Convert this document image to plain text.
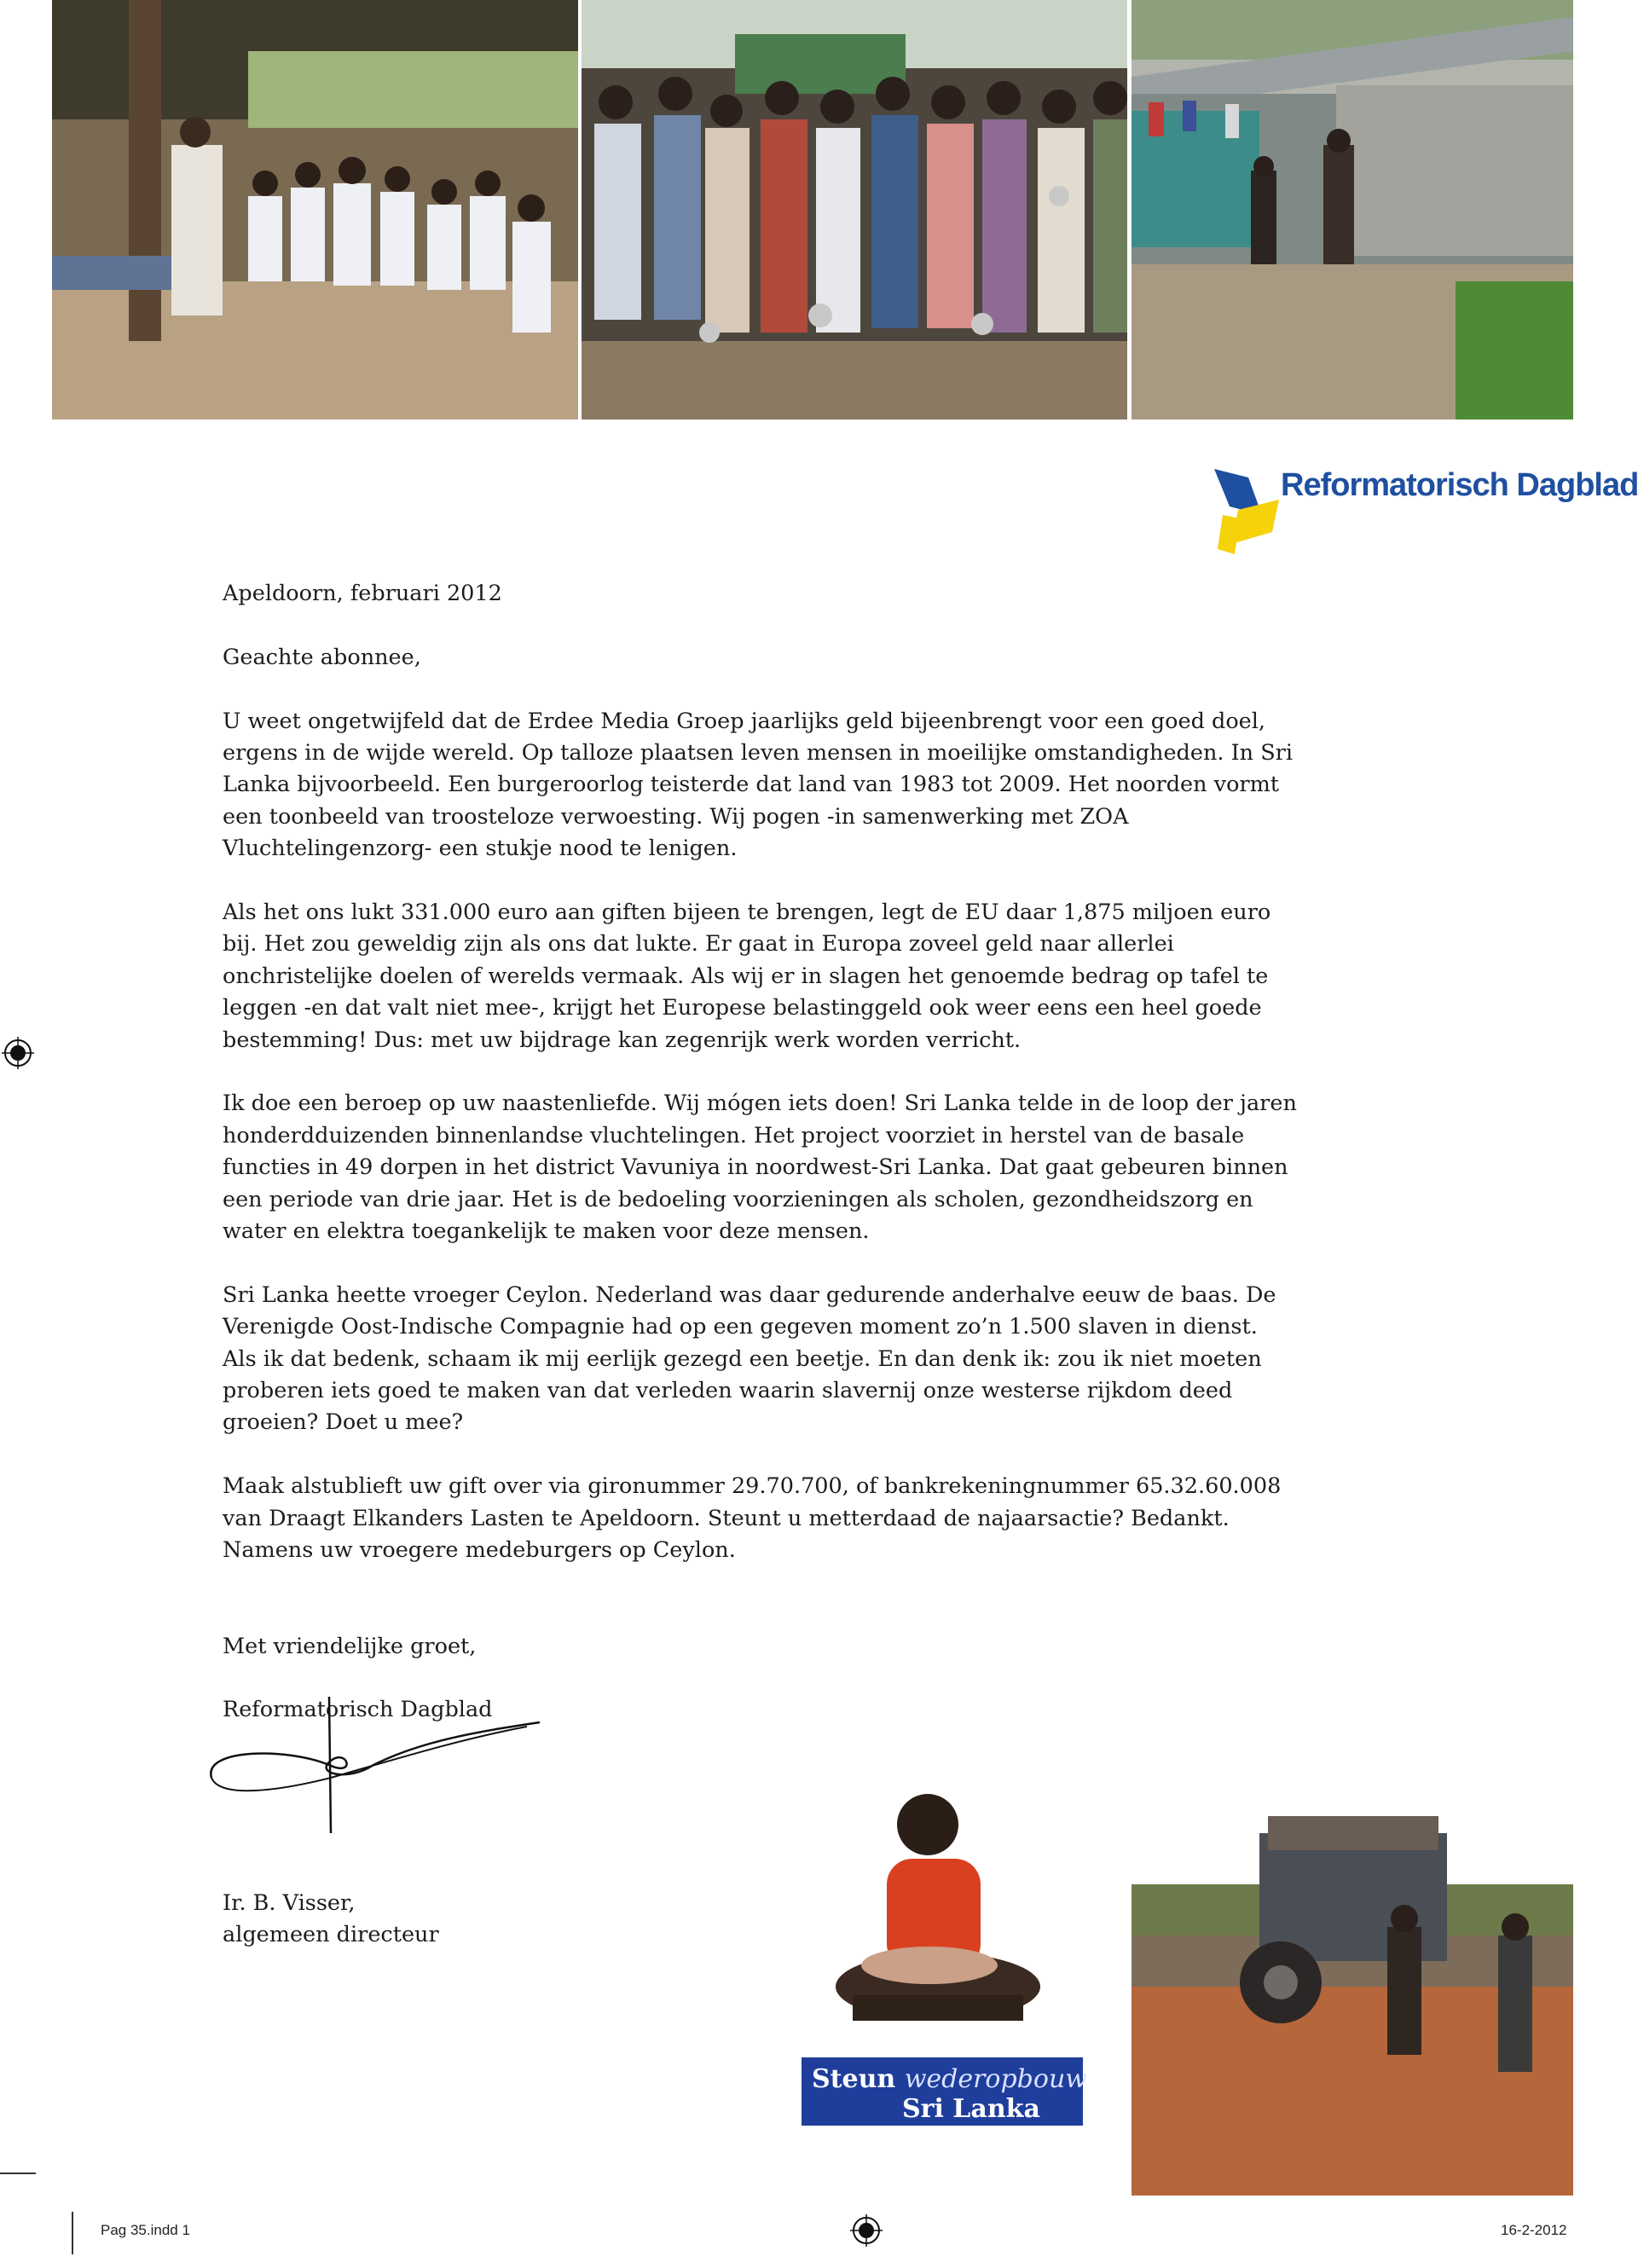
Reformatorisch Dagblad

Apeldoorn, februari 2012

Geachte abonnee,

U weet ongetwijfeld dat de Erdee Media Groep jaarlijks geld bijeenbrengt voor een goed doel, ergens in de wijde wereld. Op talloze plaatsen leven mensen in moeilijke omstandigheden. In Sri Lanka bijvoorbeeld. Een burgeroorlog teisterde dat land van 1983 tot 2009. Het noorden vormt een toonbeeld van troosteloze verwoesting. Wij pogen -in samenwerking met ZOA Vluchtelingenzorg- een stukje nood te lenigen.

Als het ons lukt 331.000 euro aan giften bijeen te brengen, legt de EU daar 1,875 miljoen euro bij. Het zou geweldig zijn als ons dat lukte. Er gaat in Europa zoveel geld naar allerlei onchristelijke doelen of werelds vermaak. Als wij er in slagen het genoemde bedrag op tafel te leggen -en dat valt niet mee-, krijgt het Europese belastinggeld ook weer eens een heel goede bestemming! Dus: met uw bijdrage kan zegenrijk werk worden verricht.

Ik doe een beroep op uw naastenliefde. Wij mógen iets doen! Sri Lanka telde in de loop der jaren honderdduizenden binnenlandse vluchtelingen. Het project voorziet in herstel van de basale functies in 49 dorpen in het district Vavuniya in noordwest-Sri Lanka. Dat gaat gebeuren binnen een periode van drie jaar. Het is de bedoeling voorzieningen als scholen, gezondheidszorg en water en elektra toegankelijk te maken voor deze mensen.

Sri Lanka heette vroeger Ceylon. Nederland was daar gedurende anderhalve eeuw de baas. De Verenigde Oost-Indische Compagnie had op een gegeven moment zo’n 1.500 slaven in dienst. Als ik dat bedenk, schaam ik mij eerlijk gezegd een beetje. En dan denk ik: zou ik niet moeten proberen iets goed te maken van dat verleden waarin slavernij onze westerse rijkdom deed groeien? Doet u mee?

Maak alstublieft uw gift over via gironummer 29.70.700, of bankrekeningnummer 65.32.60.008 van Draagt Elkanders Lasten te Apeldoorn. Steunt u metterdaad de najaarsactie? Bedankt. Namens uw vroegere medeburgers op Ceylon.

Met vriendelijke groet,

Reformatorisch Dagblad

Ir. B. Visser,
algemeen directeur
Steun wederopbouw
Sri Lanka
Pag 35.indd 1	16-2-2012
